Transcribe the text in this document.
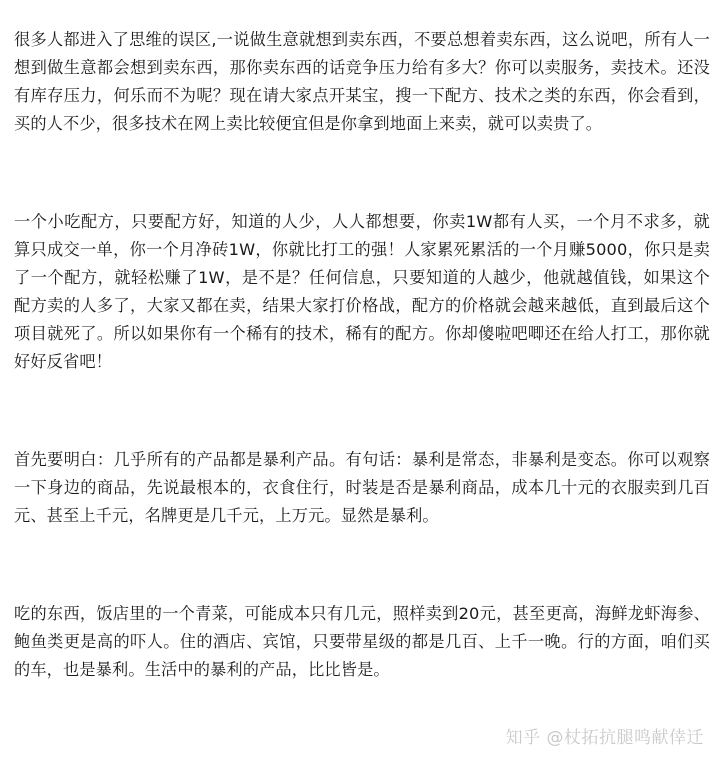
很多人都进入了思维的误区,一说做生意就想到卖东西，不要总想着卖东西，这么说吧，所有人一想到做生意都会想到卖东西，那你卖东西的话竞争压力给有多大？你可以卖服务，卖技术。还没有库存压力，何乐而不为呢？现在请大家点开某宝，搜一下配方、技术之类的东西，你会看到，买的人不少，很多技术在网上卖比较便宜但是你拿到地面上来卖，就可以卖贵了。

一个小吃配方，只要配方好，知道的人少，人人都想要，你卖1W都有人买，一个月不求多，就算只成交一单，你一个月净砖1W，你就比打工的强！人家累死累活的一个月赚5000，你只是卖了一个配方，就轻松赚了1W，是不是？任何信息，只要知道的人越少，他就越值钱，如果这个配方卖的人多了，大家又都在卖，结果大家打价格战，配方的价格就会越来越低，直到最后这个项目就死了。所以如果你有一个稀有的技术，稀有的配方。你却傻啦吧唧还在给人打工，那你就好好反省吧！

首先要明白：几乎所有的产品都是暴利产品。有句话：暴利是常态，非暴利是变态。你可以观察一下身边的商品，先说最根本的，衣食住行，时装是否是暴利商品，成本几十元的衣服卖到几百元、甚至上千元，名牌更是几千元，上万元。显然是暴利。

吃的东西，饭店里的一个青菜，可能成本只有几元，照样卖到20元，甚至更高，海鲜龙虾海参、鲍鱼类更是高的吓人。住的酒店、宾馆，只要带星级的都是几百、上千一晚。行的方面，咱们买的车，也是暴利。生活中的暴利的产品，比比皆是。

知乎 @杖拓抗腿鸣献倖迁
